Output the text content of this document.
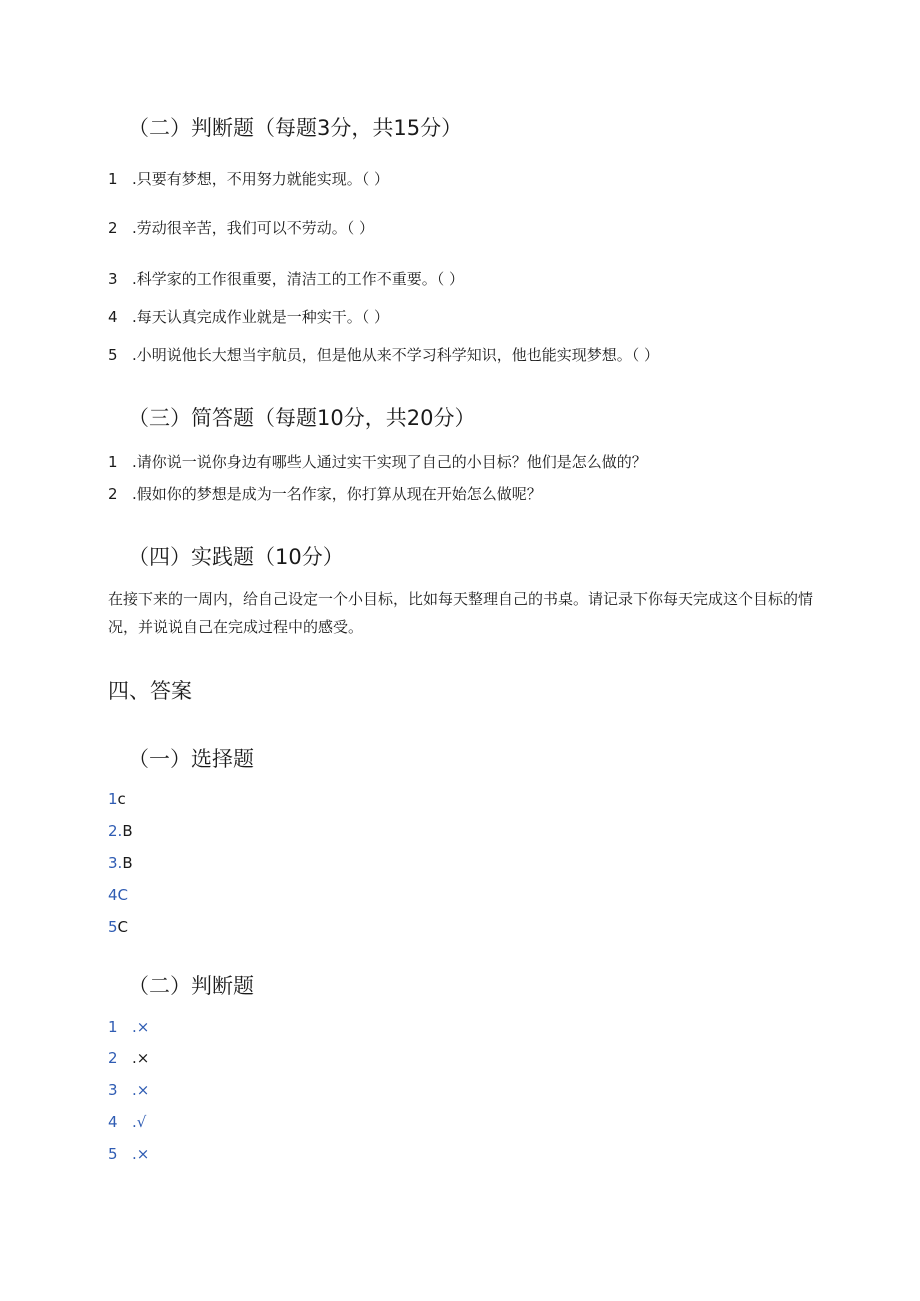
（二）判断题（每题3分，共15分）
1 .只要有梦想，不用努力就能实现。（ ）
2 .劳动很辛苦，我们可以不劳动。（ ）
3 .科学家的工作很重要，清洁工的工作不重要。（ ）
4 .每天认真完成作业就是一种实干。（ ）
5 .小明说他长大想当宇航员，但是他从来不学习科学知识，他也能实现梦想。（ ）
（三）简答题（每题10分，共20分）
1 .请你说一说你身边有哪些人通过实干实现了自己的小目标？他们是怎么做的？
2 .假如你的梦想是成为一名作家，你打算从现在开始怎么做呢？
（四）实践题（10分）
在接下来的一周内，给自己设定一个小目标，比如每天整理自己的书桌。请记录下你每天完成这个目标的情况，并说说自己在完成过程中的感受。
四、答案
（一）选择题
1c
2.B
3.B
4C
5C
（二）判断题
1 .×
2 .×
3 .×
4 .√
5 .×
